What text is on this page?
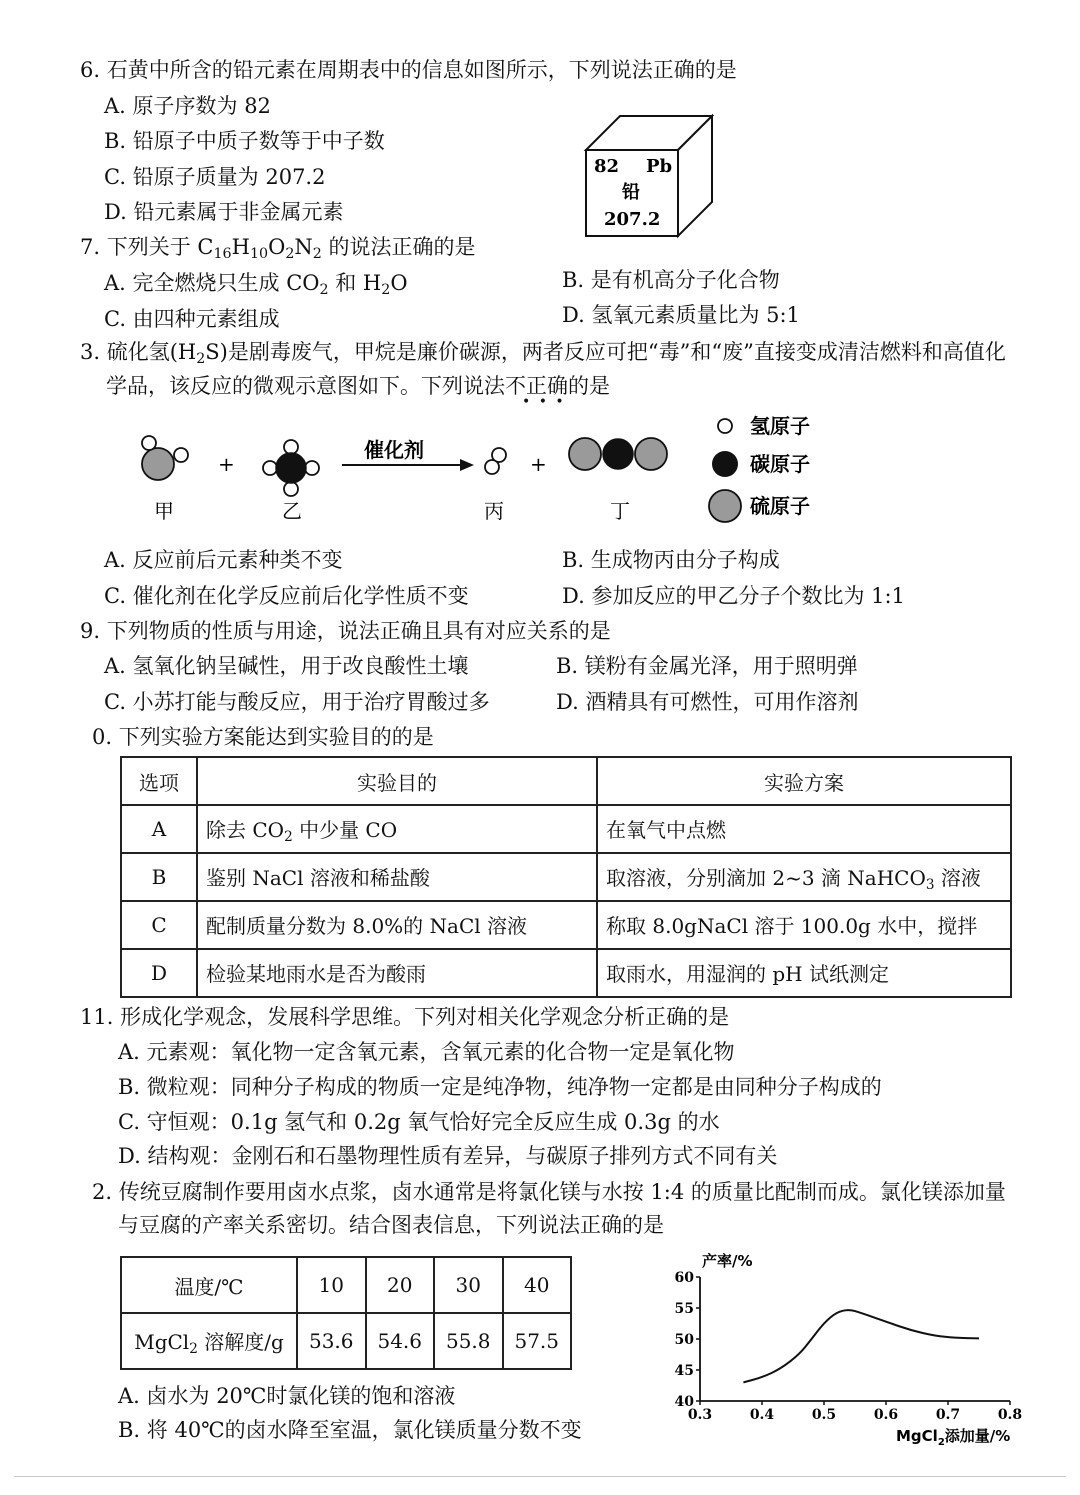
6. 石黄中所含的铅元素在周期表中的信息如图所示，下列说法正确的是
A. 原子序数为 82
B. 铅原子中质子数等于中子数
C. 铅原子质量为 207.2
D. 铅元素属于非金属元素
82 Pb
铅
207.2
7. 下列关于 $C_{16}H_{10}O_2N_2$ 的说法正确的是
A. 完全燃烧只生成 $CO_2$ 和 $H_2O$	B. 是有机高分子化合物
C. 由四种元素组成	D. 氢氧元素质量比为 5:1
3. 硫化氢$(H_2S)$是剧毒废气，甲烷是廉价碳源，两者反应可把“毒”和“废”直接变成清洁燃料和高值化
学品，该反应的微观示意图如下。下列说法不正确的是
• • •
+
催化剂
+
甲	乙	丙	丁
氢原子
碳原子
硫原子
A. 反应前后元素种类不变	B. 生成物丙由分子构成
C. 催化剂在化学反应前后化学性质不变	D. 参加反应的甲乙分子个数比为 1:1
9. 下列物质的性质与用途，说法正确且具有对应关系的是
A. 氢氧化钠呈碱性，用于改良酸性土壤	B. 镁粉有金属光泽，用于照明弹
C. 小苏打能与酸反应，用于治疗胃酸过多	D. 酒精具有可燃性，可用作溶剂
0. 下列实验方案能达到实验目的的是
选项	实验目的	实验方案
A	除去 $CO_2$ 中少量 CO	在氧气中点燃
B	鉴别 NaCl 溶液和稀盐酸	取溶液，分别滴加 2~3 滴 NaHCO$_3$ 溶液
C	配制质量分数为 8.0%的 NaCl 溶液	称取 8.0gNaCl 溶于 100.0g 水中，搅拌
D	检验某地雨水是否为酸雨	取雨水，用湿润的 pH 试纸测定
11. 形成化学观念，发展科学思维。下列对相关化学观念分析正确的是
A. 元素观：氧化物一定含氧元素，含氧元素的化合物一定是氧化物
B. 微粒观：同种分子构成的物质一定是纯净物，纯净物一定都是由同种分子构成的
C. 守恒观：0.1g 氢气和 0.2g 氧气恰好完全反应生成 0.3g 的水
D. 结构观：金刚石和石墨物理性质有差异，与碳原子排列方式不同有关
2. 传统豆腐制作要用卤水点浆，卤水通常是将氯化镁与水按 1:4 的质量比配制而成。氯化镁添加量
与豆腐的产率关系密切。结合图表信息，下列说法正确的是
温度/℃	10	20	30	40
MgCl$_2$ 溶解度/g	53.6	54.6	55.8	57.5
A. 卤水为 20℃时氯化镁的饱和溶液
B. 将 40℃的卤水降至室温，氯化镁质量分数不变
产率/%
40
45
50
55
60
0.3	0.4	0.5	0.6	0.7	0.8
MgCl$_2$添加量/%
